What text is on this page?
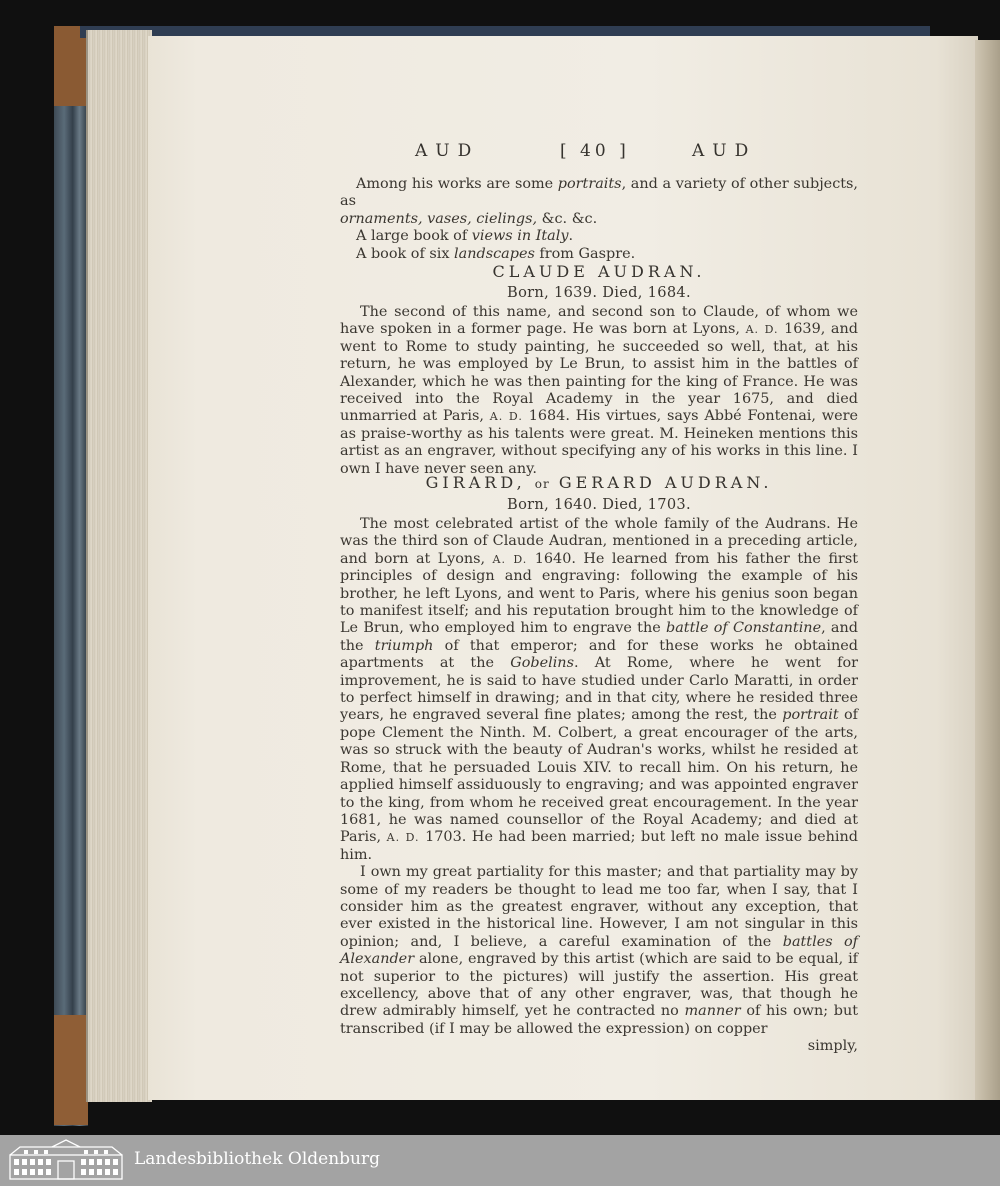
AUD	[ 40 ]	AUD

Among his works are some portraits, and a variety of other subjects, as

ornaments, vases, cielings, &c. &c.

A large book of views in Italy.

A book of six landscapes from Gaspre.

CLAUDE AUDRAN.
Born, 1639. Died, 1684.

The second of this name, and second son to Claude, of whom we have spoken in a former page. He was born at Lyons, A. D. 1639, and went to Rome to study painting, he succeeded so well, that, at his return, he was employed by Le Brun, to assist him in the battles of Alexander, which he was then painting for the king of France. He was received into the Royal Academy in the year 1675, and died unmarried at Paris, A. D. 1684. His virtues, says Abbé Fontenai, were as praise-worthy as his talents were great. M. Heineken mentions this artist as an engraver, without specifying any of his works in this line. I own I have never seen any.

GIRARD, or GERARD AUDRAN.
Born, 1640. Died, 1703.

The most celebrated artist of the whole family of the Audrans. He was the third son of Claude Audran, mentioned in a preceding article, and born at Lyons, A. D. 1640. He learned from his father the first principles of design and engraving: following the example of his brother, he left Lyons, and went to Paris, where his genius soon began to manifest itself; and his reputation brought him to the knowledge of Le Brun, who employed him to engrave the battle of Constantine, and the triumph of that emperor; and for these works he obtained apartments at the Gobelins. At Rome, where he went for improvement, he is said to have studied under Carlo Maratti, in order to perfect himself in drawing; and in that city, where he resided three years, he engraved several fine plates; among the rest, the portrait of pope Clement the Ninth. M. Colbert, a great encourager of the arts, was so struck with the beauty of Audran's works, whilst he resided at Rome, that he persuaded Louis XIV. to recall him. On his return, he applied himself assiduously to engraving; and was appointed engraver to the king, from whom he received great encouragement. In the year 1681, he was named counsellor of the Royal Academy; and died at Paris, A. D. 1703. He had been married; but left no male issue behind him.

I own my great partiality for this master; and that partiality may by some of my readers be thought to lead me too far, when I say, that I consider him as the greatest engraver, without any exception, that ever existed in the historical line. However, I am not singular in this opinion; and, I believe, a careful examination of the battles of Alexander alone, engraved by this artist (which are said to be equal, if not superior to the pictures) will justify the assertion. His great excellency, above that of any other engraver, was, that though he drew admirably himself, yet he contracted no manner of his own; but transcribed (if I may be allowed the expression) on copper

simply,

Landesbibliothek Oldenburg
